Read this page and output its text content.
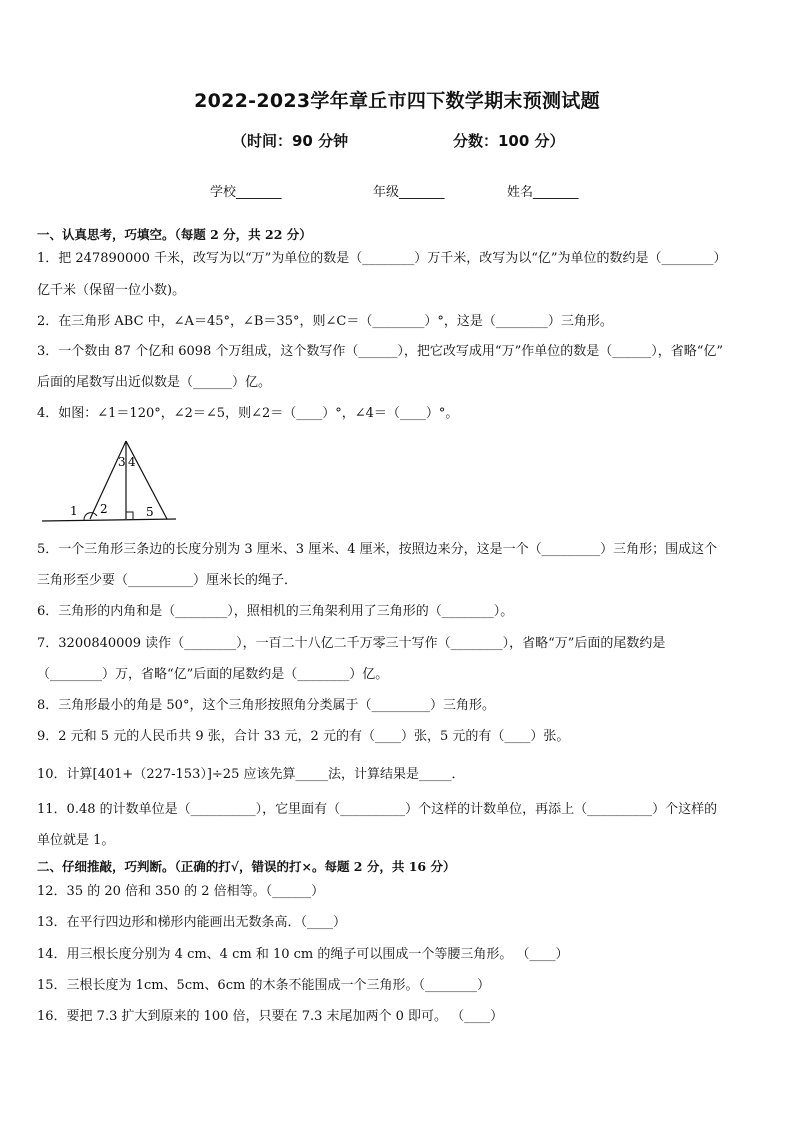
2022-2023学年章丘市四下数学期末预测试题
（时间：90 分钟	分数：100 分）
学校_______	年级_______	姓名_______
一、认真思考，巧填空。（每题 2 分，共 22 分）
1．把 247890000 千米，改写为以“万”为单位的数是（________）万千米，改写为以“亿”为单位的数约是（________）
亿千米（保留一位小数)。
2．在三角形 ABC 中，∠A＝45°，∠B＝35°，则∠C＝（________）°，这是（________）三角形。
3．一个数由 87 个亿和 6098 个万组成，这个数写作（______），把它改写成用“万”作单位的数是（______），省略“亿”
后面的尾数写出近似数是（______）亿。
4．如图：∠1＝120°，∠2＝∠5，则∠2＝（____）°，∠4＝（____）°。
3 4
1 2	5
5．一个三角形三条边的长度分别为 3 厘米、3 厘米、4 厘米，按照边来分，这是一个（_________）三角形；围成这个
三角形至少要（__________）厘米长的绳子．
6．三角形的内角和是（________），照相机的三角架利用了三角形的（________）。
7．3200840009 读作（________），一百二十八亿二千万零三十写作（________），省略“万”后面的尾数约是
（________）万，省略“亿”后面的尾数约是（________）亿。
8．三角形最小的角是 50°，这个三角形按照角分类属于（_________）三角形。
9．2 元和 5 元的人民币共 9 张，合计 33 元，2 元的有（____）张，5 元的有（____）张。
10．计算[401+（227-153）]÷25 应该先算_____法，计算结果是_____．
11．0.48 的计数单位是（__________），它里面有（__________）个这样的计数单位，再添上（__________）个这样的
单位就是 1。
二、仔细推敲，巧判断。（正确的打√，错误的打×。每题 2 分，共 16 分）
12．35 的 20 倍和 350 的 2 倍相等。（______）
13．在平行四边形和梯形内能画出无数条高．（____）
14．用三根长度分别为 4 cm、4 cm 和 10 cm 的绳子可以围成一个等腰三角形。 （____）
15．三根长度为 1cm、5cm、6cm 的木条不能围成一个三角形。（________）
16．要把 7.3 扩大到原来的 100 倍，只要在 7.3 末尾加两个 0 即可。 （____）
